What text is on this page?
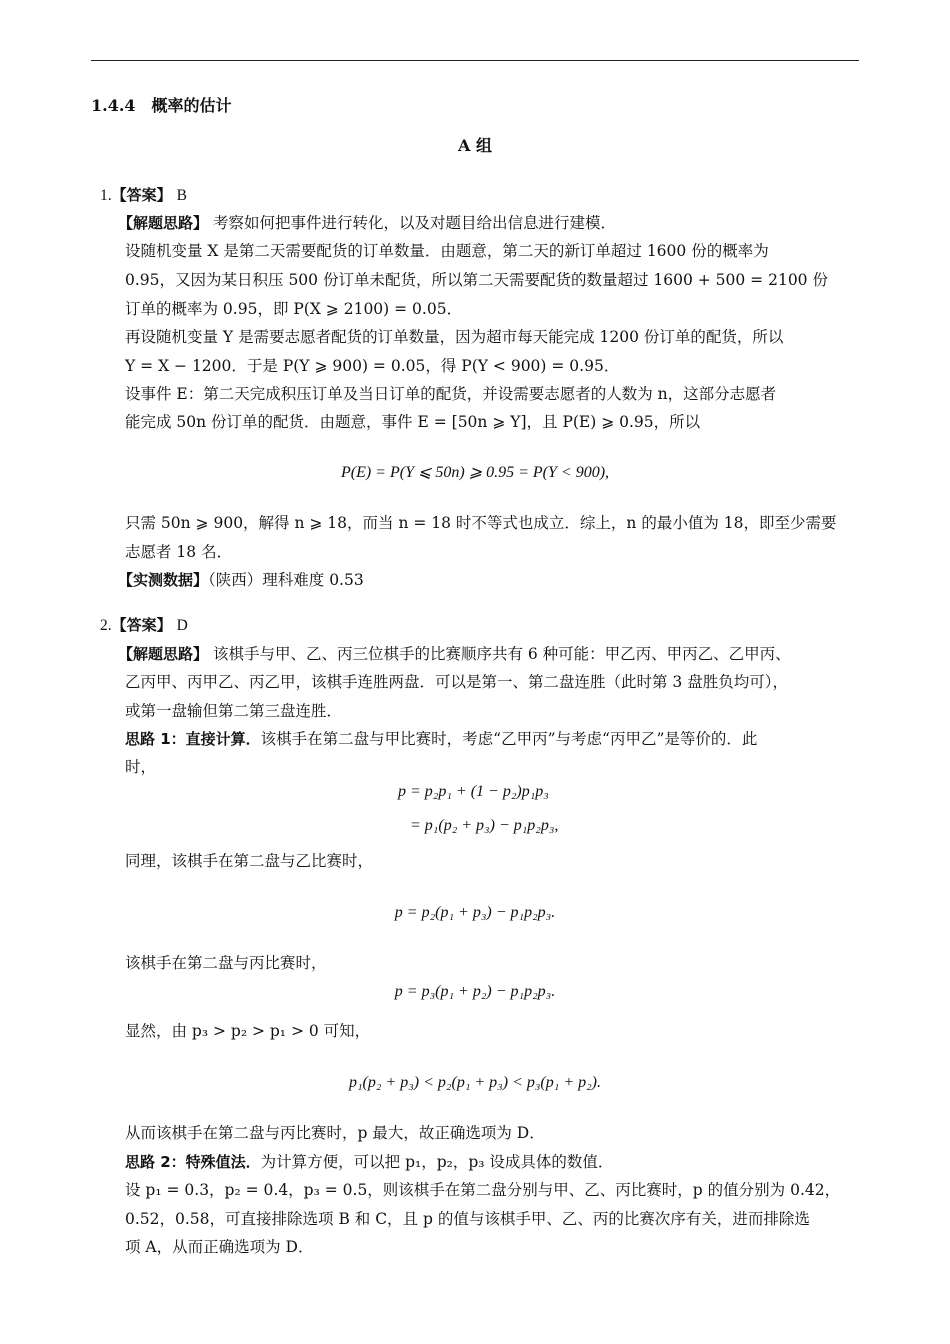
1.4.4　概率的估计
A 组
1.【答案】 B
【解题思路】 考察如何把事件进行转化，以及对题目给出信息进行建模．
设随机变量 X 是第二天需要配货的订单数量．由题意，第二天的新订单超过 1600 份的概率为
0.95，又因为某日积压 500 份订单未配货，所以第二天需要配货的数量超过 1600 + 500 = 2100 份
订单的概率为 0.95，即 P(X ⩾ 2100) = 0.05．
再设随机变量 Y 是需要志愿者配货的订单数量，因为超市每天能完成 1200 份订单的配货，所以
Y = X − 1200．于是 P(Y ⩾ 900) = 0.05，得 P(Y < 900) = 0.95．
设事件 E：第二天完成积压订单及当日订单的配货，并设需要志愿者的人数为 n，这部分志愿者
能完成 50n 份订单的配货．由题意，事件 E = [50n ⩾ Y]，且 P(E) ⩾ 0.95，所以
P(E) = P(Y ⩽ 50n) ⩾ 0.95 = P(Y < 900),
只需 50n ⩾ 900，解得 n ⩾ 18，而当 n = 18 时不等式也成立．综上，n 的最小值为 18，即至少需要
志愿者 18 名．
【实测数据】（陕西）理科难度 0.53
2.【答案】 D
【解题思路】 该棋手与甲、乙、丙三位棋手的比赛顺序共有 6 种可能：甲乙丙、甲丙乙、乙甲丙、
乙丙甲、丙甲乙、丙乙甲，该棋手连胜两盘．可以是第一、第二盘连胜（此时第 3 盘胜负均可），
或第一盘输但第二第三盘连胜．
思路 1：直接计算．该棋手在第二盘与甲比赛时，考虑“乙甲丙”与考虑“丙甲乙”是等价的．此
时，
p = p₂p₁ + (1 − p₂)p₁p₃
= p₁(p₂ + p₃) − p₁p₂p₃,
同理，该棋手在第二盘与乙比赛时，
p = p₂(p₁ + p₃) − p₁p₂p₃.
该棋手在第二盘与丙比赛时，
p = p₃(p₁ + p₂) − p₁p₂p₃.
显然，由 p₃ > p₂ > p₁ > 0 可知，
p₁(p₂ + p₃) < p₂(p₁ + p₃) < p₃(p₁ + p₂).
从而该棋手在第二盘与丙比赛时，p 最大，故正确选项为 D．
思路 2：特殊值法．为计算方便，可以把 p₁，p₂，p₃ 设成具体的数值．
设 p₁ = 0.3，p₂ = 0.4，p₃ = 0.5，则该棋手在第二盘分别与甲、乙、丙比赛时，p 的值分别为 0.42，
0.52，0.58，可直接排除选项 B 和 C，且 p 的值与该棋手甲、乙、丙的比赛次序有关，进而排除选
项 A，从而正确选项为 D．
